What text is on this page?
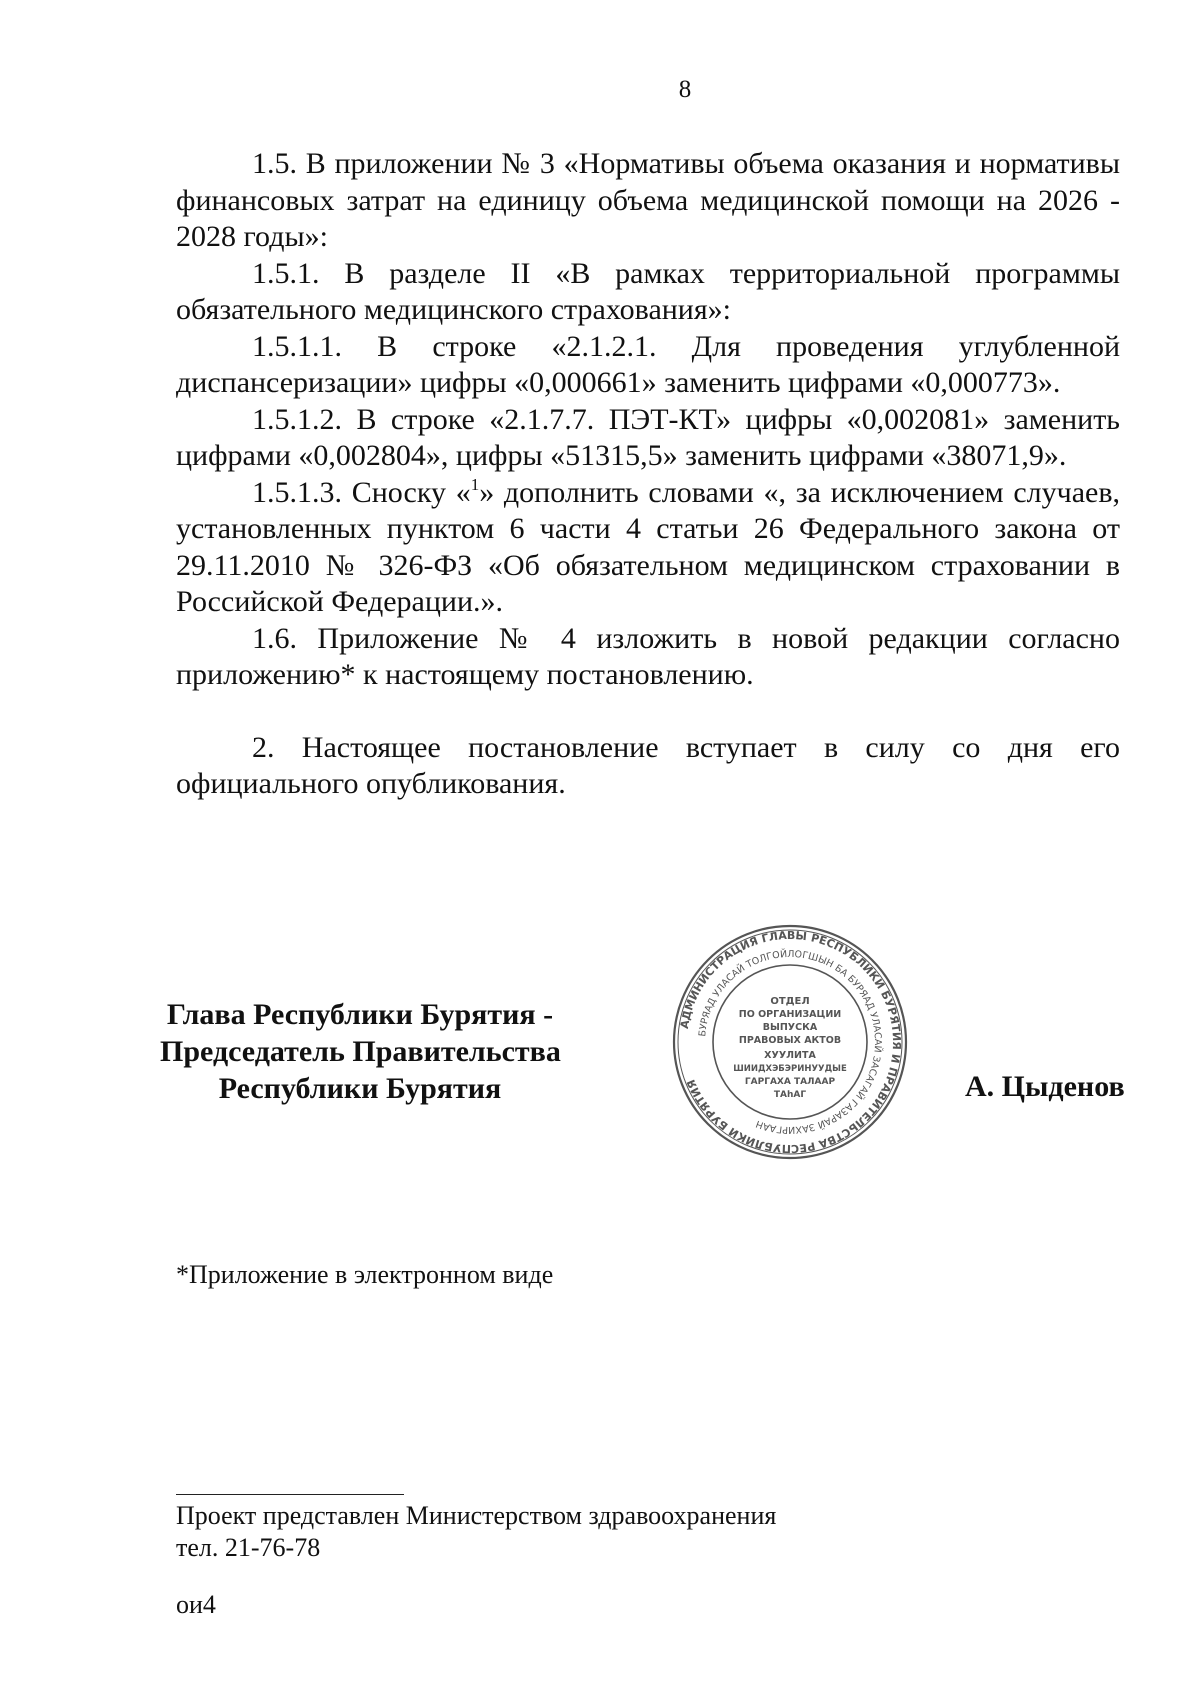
8

1.5. В приложении № 3 «Нормативы объема оказания и нормативы финансовых затрат на единицу объема медицинской помощи на 2026 - 2028 годы»:

1.5.1. В разделе II «В рамках территориальной программы обязательного медицинского страхования»:

1.5.1.1. В строке «2.1.2.1. Для проведения углубленной диспансеризации» цифры «0,000661» заменить цифрами «0,000773».

1.5.1.2. В строке «2.1.7.7. ПЭТ-КТ» цифры «0,002081» заменить цифрами «0,002804», цифры «51315,5» заменить цифрами «38071,9».

1.5.1.3. Сноску «$^1$» дополнить словами «, за исключением случаев, установленных пунктом 6 части 4 статьи 26 Федерального закона от 29.11.2010 № 326-ФЗ «Об обязательном медицинском страховании в Российской Федерации.».

1.6. Приложение № 4 изложить в новой редакции согласно приложению* к настоящему постановлению.

2. Настоящее постановление вступает в силу со дня его официального опубликования.

Глава Республики Бурятия -
Председатель Правительства
Республики Бурятия
АДМИНИСТРАЦИЯ ГЛАВЫ РЕСПУБЛИКИ БУРЯТИЯ И ПРАВИТЕЛЬСТВА РЕСПУБЛИКИ БУРЯТИЯ
БУРЯАД УЛАСАЙ ТОЛГОЙЛОГШЫН БА БУРЯАД УЛАСАЙ ЗАСАГАЙ ГАЗАРАЙ ЗАХИРГААН
ОТДЕЛ
ПО ОРГАНИЗАЦИИ
ВЫПУСКА
ПРАВОВЫХ АКТОВ
ХУУЛИТА
ШИИДХЭБЭРИНУУДЫЕ
ГАРГАХА ТАЛААР
ТАһАГ	А. Цыденов
*Приложение в электронном виде
Проект представлен Министерством здравоохранения
тел. 21-76-78
ои4
